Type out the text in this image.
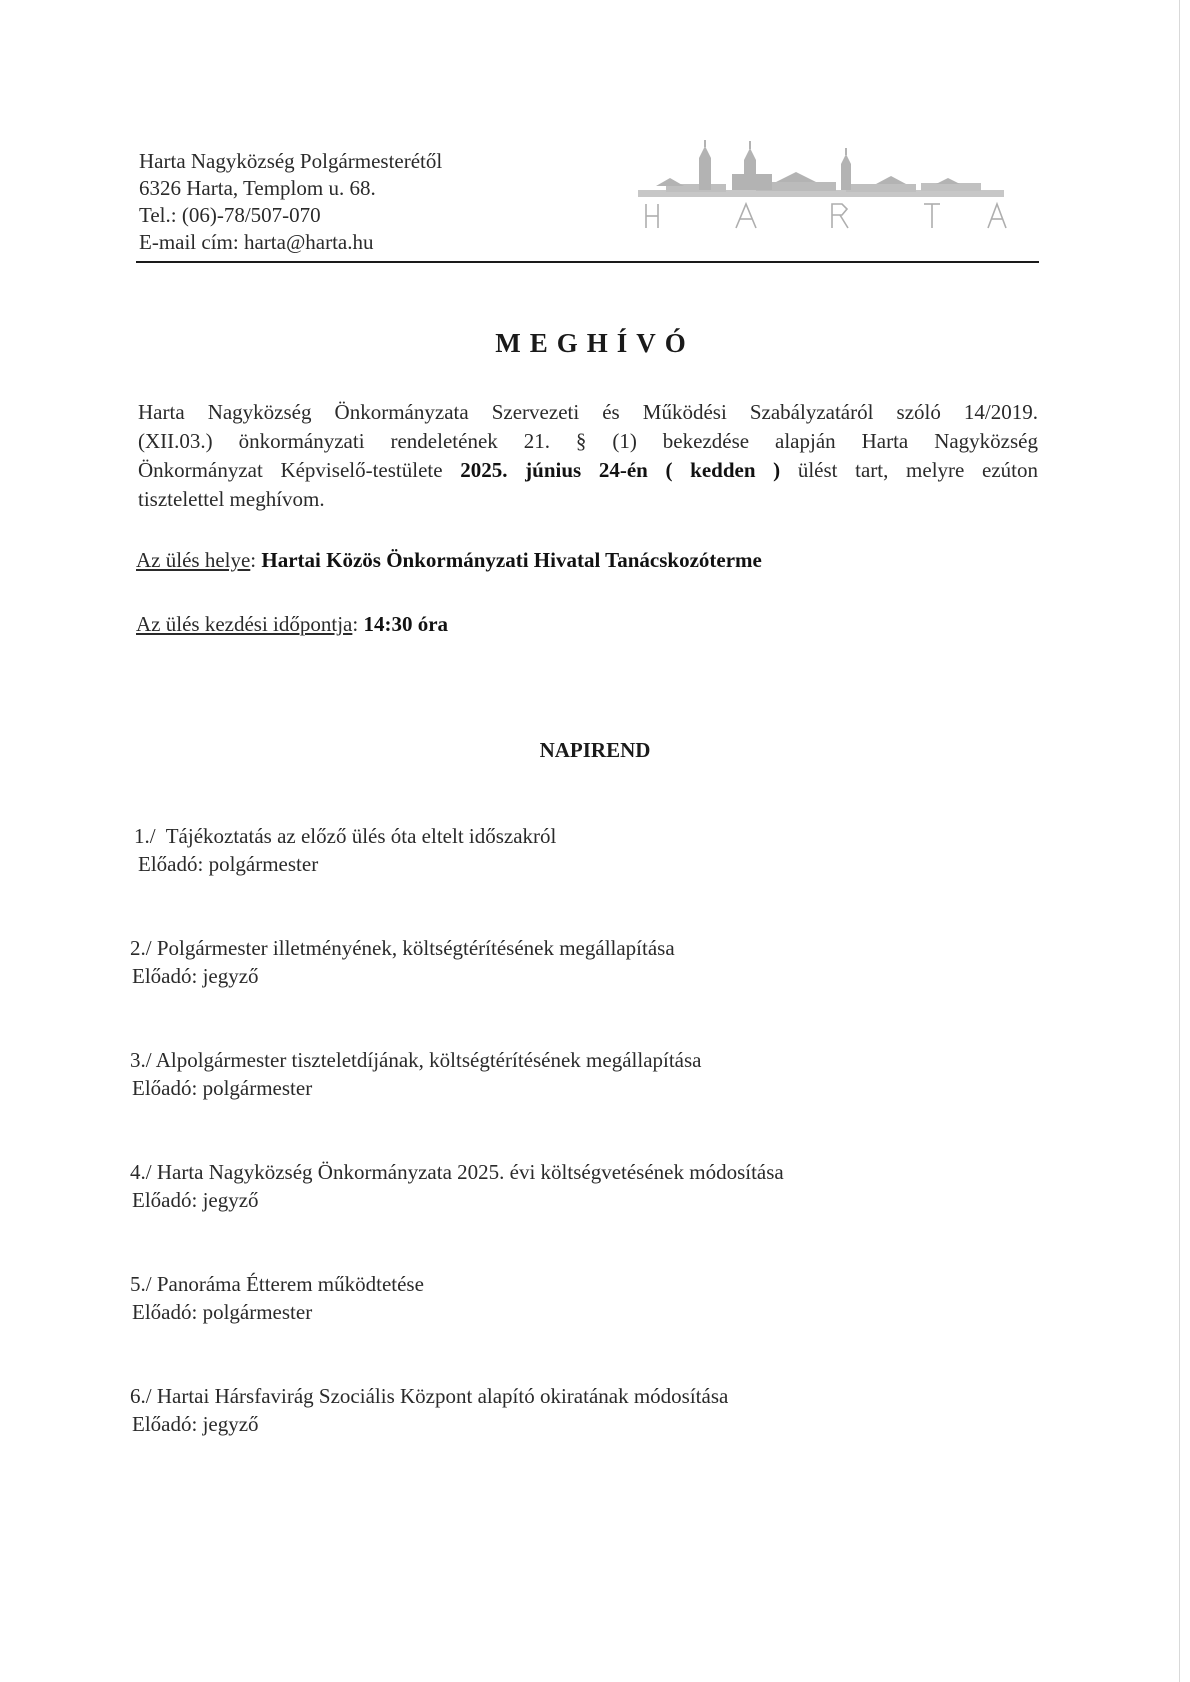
Harta Nagyközség Polgármesterétől
6326 Harta, Templom u. 68.
Tel.: (06)-78/507-070
E-mail cím: harta@harta.hu
MEGHÍVÓ
Harta Nagyközség Önkormányzata Szervezeti és Működési Szabályzatáról szóló 14/2019.
(XII.03.) önkormányzati rendeletének 21. § (1) bekezdése alapján Harta Nagyközség
Önkormányzat Képviselő-testülete 2025. június 24-én ( kedden ) ülést tart, melyre ezúton
tisztelettel meghívom.
Az ülés helye: Hartai Közös Önkormányzati Hivatal Tanácskozóterme
Az ülés kezdési időpontja: 14:30 óra
NAPIREND
1./ Tájékoztatás az előző ülés óta eltelt időszakról
Előadó: polgármester
2./ Polgármester illetményének, költségtérítésének megállapítása
Előadó: jegyző
3./ Alpolgármester tiszteletdíjának, költségtérítésének megállapítása
Előadó: polgármester
4./ Harta Nagyközség Önkormányzata 2025. évi költségvetésének módosítása
Előadó: jegyző
5./ Panoráma Étterem működtetése
Előadó: polgármester
6./ Hartai Hársfavirág Szociális Központ alapító okiratának módosítása
Előadó: jegyző
